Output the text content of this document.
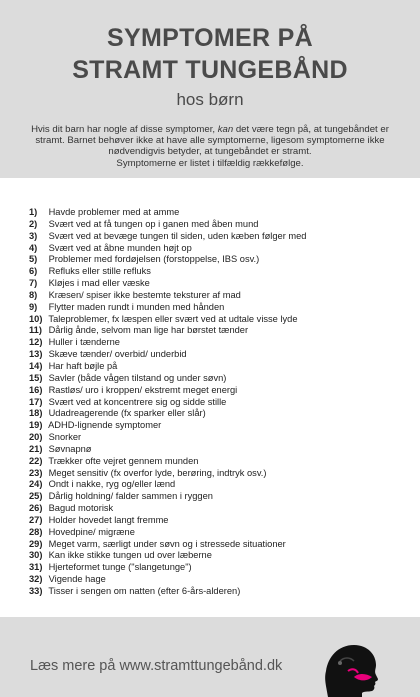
SYMPTOMER PÅ
STRAMT TUNGEBÅND
hos børn
Hvis dit barn har nogle af disse symptomer, kan det være tegn på, at tungebåndet er stramt. Barnet behøver ikke at have alle symptomerne, ligesom symptomerne ikke nødvendigvis betyder, at tungebåndet er stramt.
Symptomerne er listet i tilfældig rækkefølge.
1) Havde problemer med at amme
2) Svært ved at få tungen op i ganen med åben mund
3) Svært ved at bevæge tungen til siden, uden kæben følger med
4) Svært ved at åbne munden højt op
5) Problemer med fordøjelsen (forstoppelse, IBS osv.)
6) Refluks eller stille refluks
7) Kløjes i mad eller væske
8) Kræsen/ spiser ikke bestemte teksturer af mad
9) Flytter maden rundt i munden med hånden
10) Taleproblemer, fx læspen eller svært ved at udtale visse lyde
11) Dårlig ånde, selvom man lige har børstet tænder
12) Huller i tænderne
13) Skæve tænder/ overbid/ underbid
14) Har haft bøjle på
15) Savler (både vågen tilstand og under søvn)
16) Rastløs/ uro i kroppen/ ekstremt meget energi
17) Svært ved at koncentrere sig og sidde stille
18) Udadreagerende (fx sparker eller slår)
19) ADHD-lignende symptomer
20) Snorker
21) Søvnapnø
22) Trækker ofte vejret gennem munden
23) Meget sensitiv (fx overfor lyde, berøring, indtryk osv.)
24) Ondt i nakke, ryg og/eller lænd
25) Dårlig holdning/ falder sammen i ryggen
26) Bagud motorisk
27) Holder hovedet langt fremme
28) Hovedpine/ migræne
29) Meget varm, særligt under søvn og i stressede situationer
30) Kan ikke stikke tungen ud over læberne
31) Hjerteformet tunge ("slangetunge")
32) Vigende hage
33) Tisser i sengen om natten (efter 6-års-alderen)
Læs mere på www.stramttungebånd.dk
